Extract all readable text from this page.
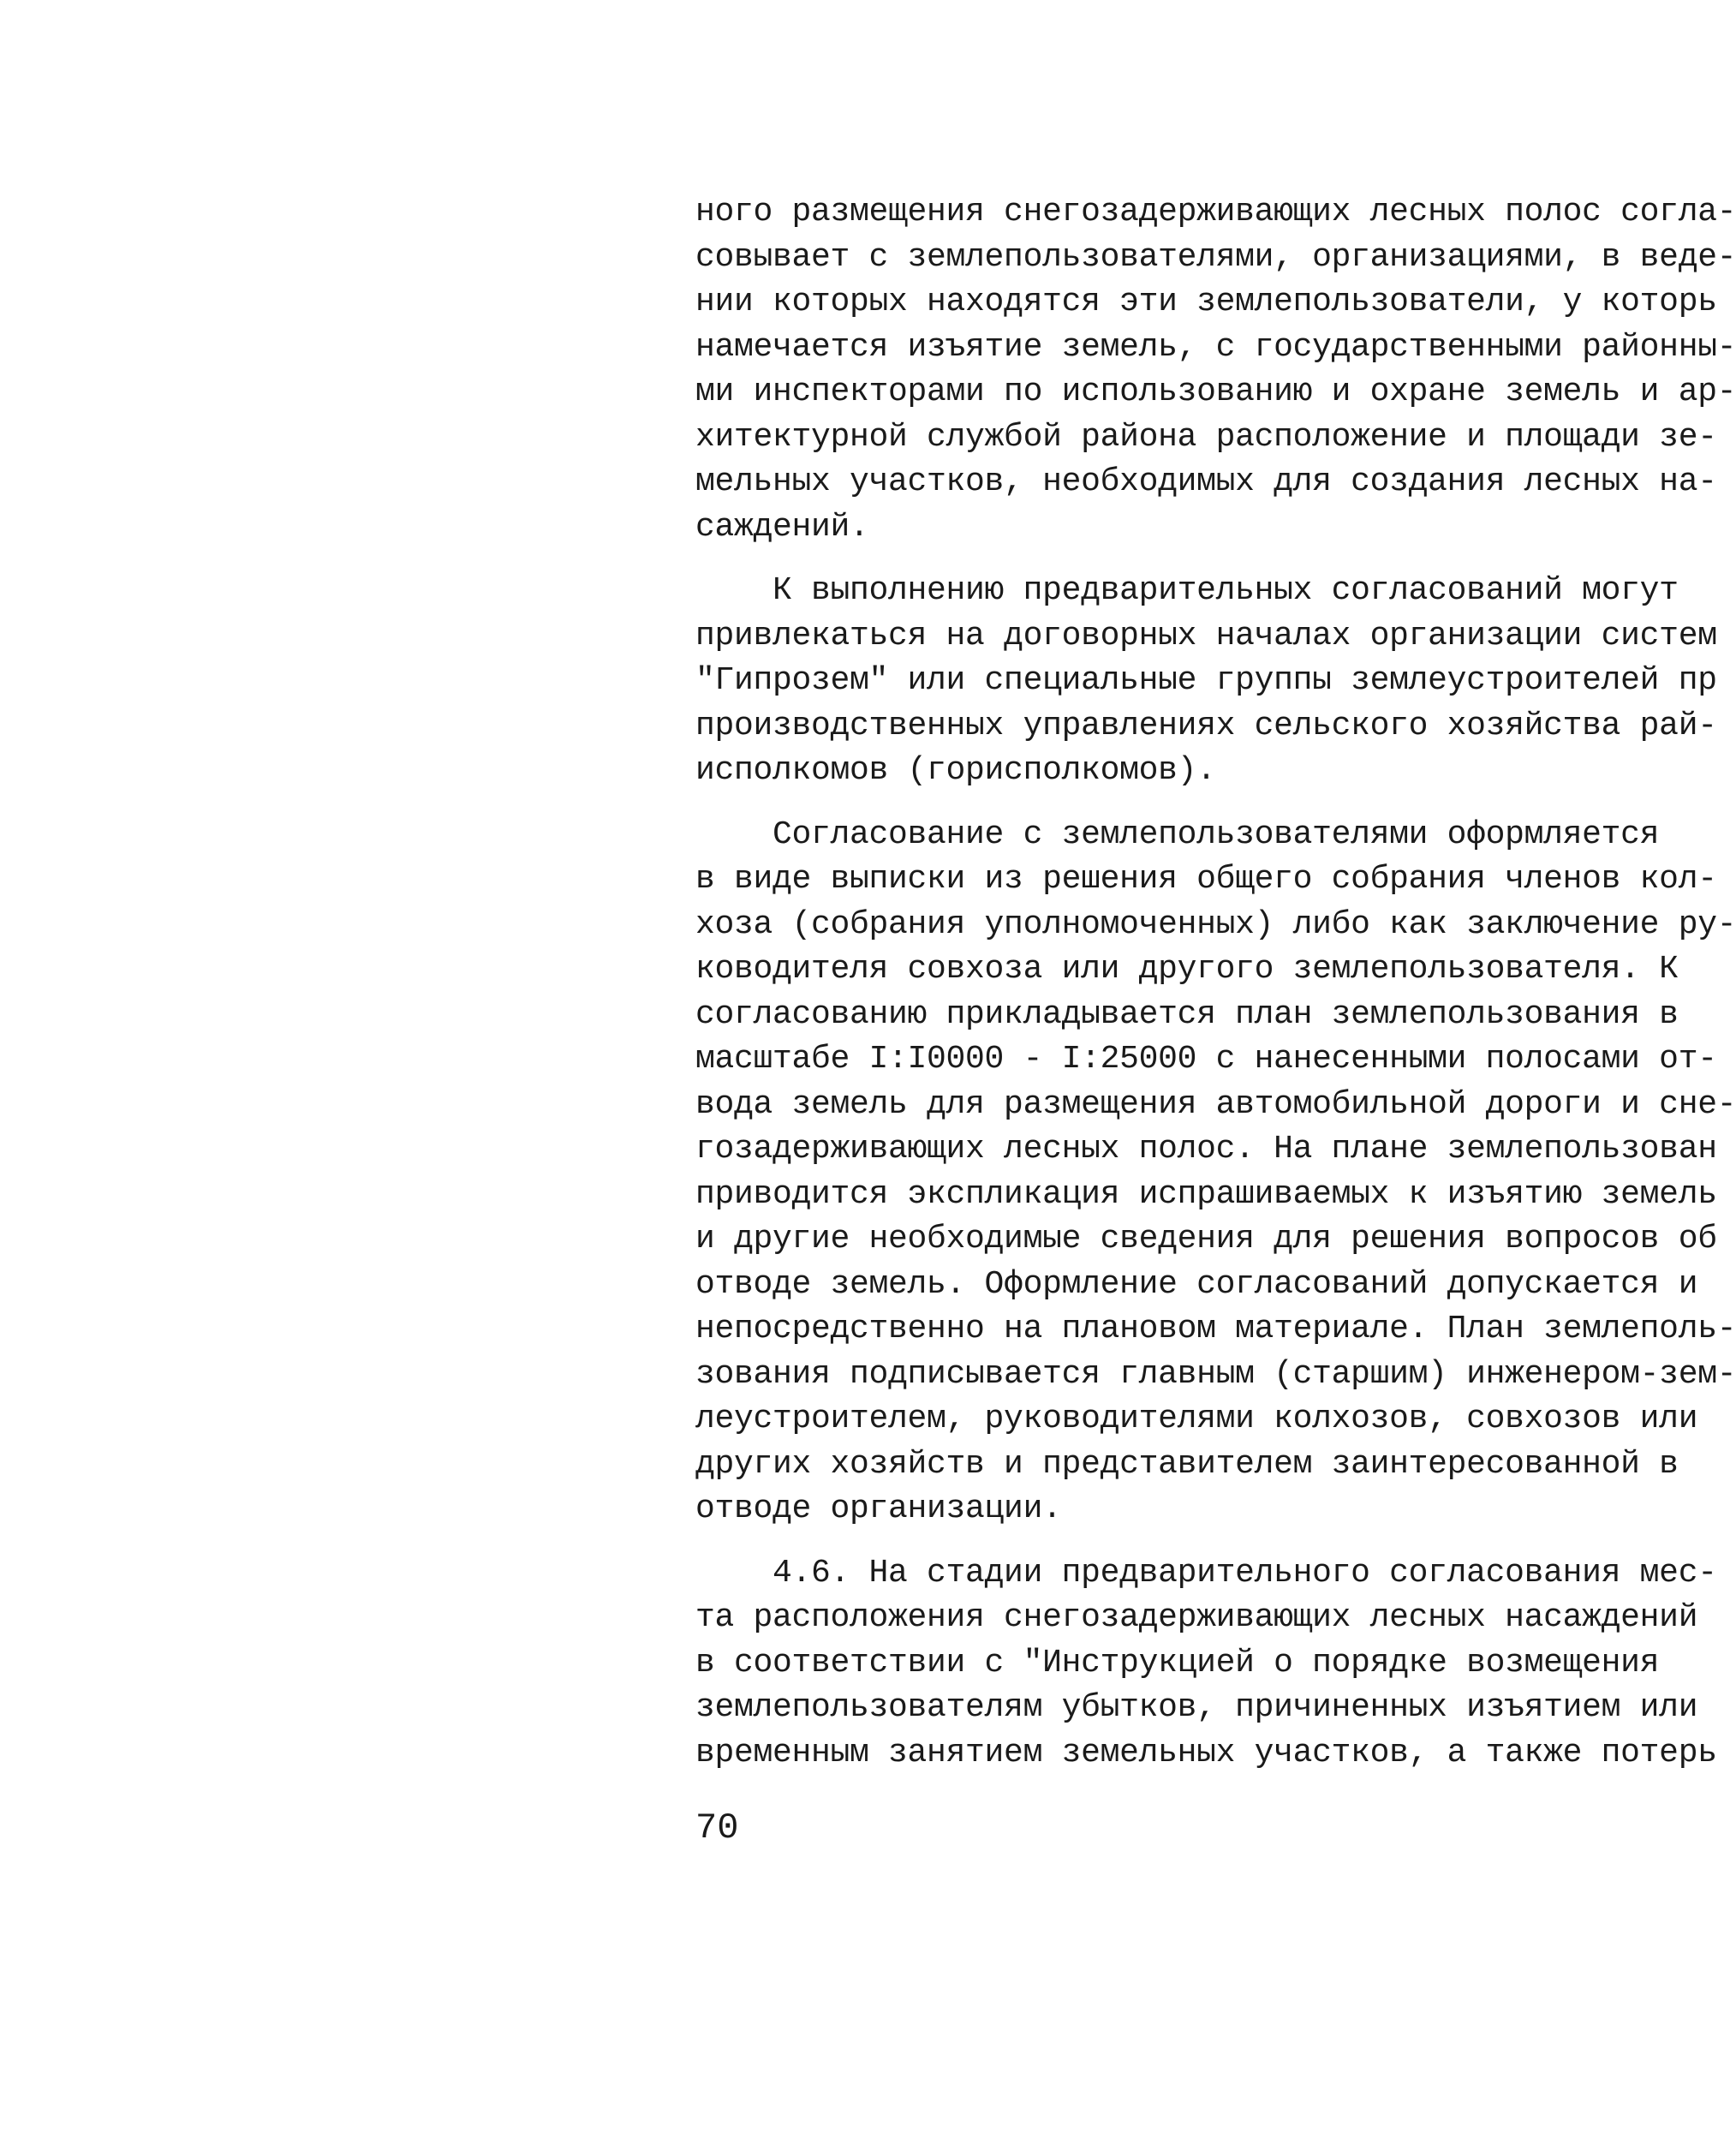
ного размещения снегозадерживающих лесных полос согла-
совывает с землепользователями, организациями, в веде-
нии которых находятся эти землепользователи, у которь
намечается изъятие земель, с государственными районны-
ми инспекторами по использованию и охране земель и ар-
хитектурной службой района расположение и площади зе-
мельных участков, необходимых для создания лесных на-
саждений.

К выполнению предварительных согласований могут
привлекаться на договорных началах организации систем
"Гипрозем" или специальные группы землеустроителей пр
производственных управлениях сельского хозяйства рай-
исполкомов (горисполкомов).

Согласование с землепользователями оформляется
в виде выписки из решения общего собрания членов кол-
хоза (собрания уполномоченных) либо как заключение ру-
ководителя совхоза или другого землепользователя. К
согласованию прикладывается план землепользования в
масштабе I:I0000 - I:25000 с нанесенными полосами от-
вода земель для размещения автомобильной дороги и сне-
гозадерживающих лесных полос. На плане землепользован
приводится экспликация испрашиваемых к изъятию земель
и другие необходимые сведения для решения вопросов об
отводе земель. Оформление согласований допускается и
непосредственно на плановом материале. План землеполь-
зования подписывается главным (старшим) инженером-зем-
леустроителем, руководителями колхозов, совхозов или
других хозяйств и представителем заинтересованной в
отводе организации.

4.6. На стадии предварительного согласования мес-
та расположения снегозадерживающих лесных насаждений
в соответствии с "Инструкцией о порядке возмещения
землепользователям убытков, причиненных изъятием или
временным занятием земельных участков, а также потерь

70
